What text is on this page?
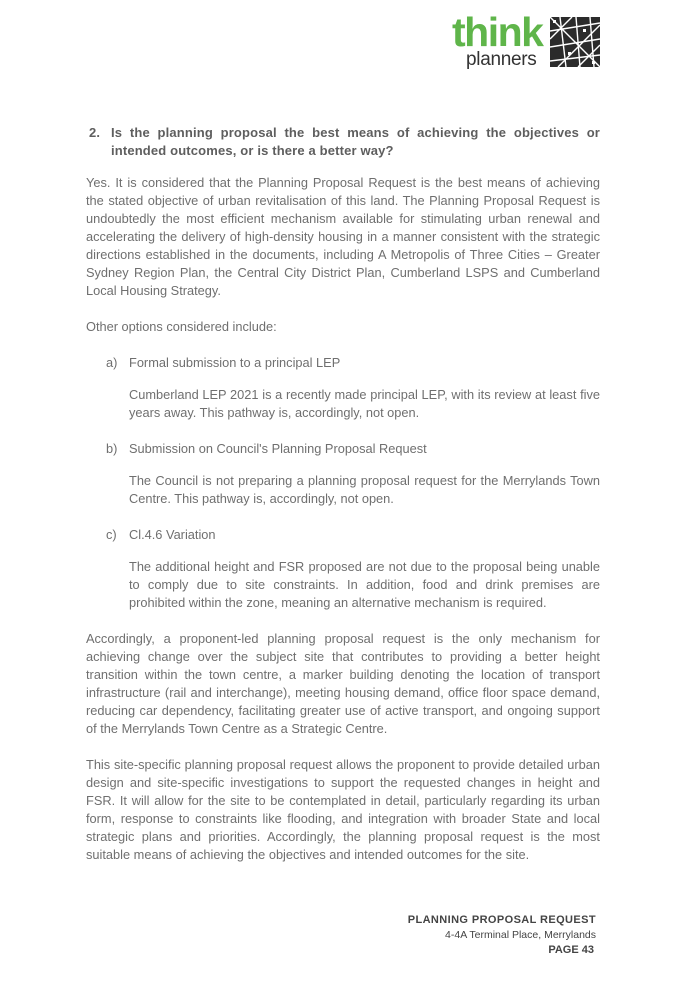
think
planners
2. Is the planning proposal the best means of achieving the objectives or intended outcomes, or is there a better way?

Yes. It is considered that the Planning Proposal Request is the best means of achieving the stated objective of urban revitalisation of this land. The Planning Proposal Request is undoubtedly the most efficient mechanism available for stimulating urban renewal and accelerating the delivery of high-density housing in a manner consistent with the strategic directions established in the documents, including A Metropolis of Three Cities – Greater Sydney Region Plan, the Central City District Plan, Cumberland LSPS and Cumberland Local Housing Strategy.

Other options considered include:

a) Formal submission to a principal LEP

Cumberland LEP 2021 is a recently made principal LEP, with its review at least five years away. This pathway is, accordingly, not open.

b) Submission on Council's Planning Proposal Request

The Council is not preparing a planning proposal request for the Merrylands Town Centre. This pathway is, accordingly, not open.

c) Cl.4.6 Variation

The additional height and FSR proposed are not due to the proposal being unable to comply due to site constraints. In addition, food and drink premises are prohibited within the zone, meaning an alternative mechanism is required.

Accordingly, a proponent-led planning proposal request is the only mechanism for achieving change over the subject site that contributes to providing a better height transition within the town centre, a marker building denoting the location of transport infrastructure (rail and interchange), meeting housing demand, office floor space demand, reducing car dependency, facilitating greater use of active transport, and ongoing support of the Merrylands Town Centre as a Strategic Centre.

This site-specific planning proposal request allows the proponent to provide detailed urban design and site-specific investigations to support the requested changes in height and FSR. It will allow for the site to be contemplated in detail, particularly regarding its urban form, response to constraints like flooding, and integration with broader State and local strategic plans and priorities. Accordingly, the planning proposal request is the most suitable means of achieving the objectives and intended outcomes for the site.

PLANNING PROPOSAL REQUEST
4-4A Terminal Place, Merrylands
PAGE 43
